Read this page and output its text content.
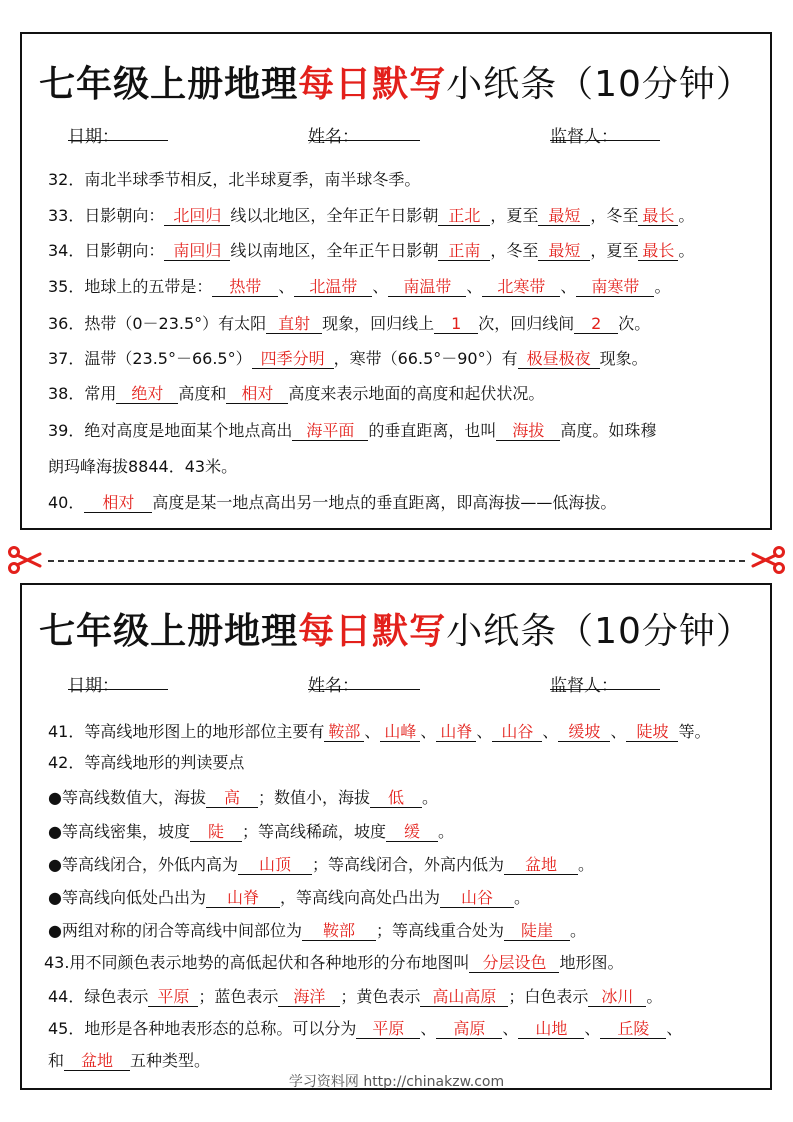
七年级上册地理每日默写小纸条（10分钟）
日期：	姓名：	监督人：
32．南北半球季节相反，北半球夏季，南半球冬季。
33．日影朝向： 北回归 线以北地区，全年正午日影朝 正北 ，夏至 最短 ，冬至 最长 。
34．日影朝向： 南回归 线以南地区，全年正午日影朝 正南 ，冬至 最短 ，夏至 最长 。
35．地球上的五带是： 热带 、 北温带 、 南温带 、 北寒带 、 南寒带 。
36．热带（0－23.5°）有太阳 直射 现象，回归线上 1 次，回归线间 2 次。
37．温带（23.5°－66.5°） 四季分明 ，寒带（66.5°－90°）有 极昼极夜 现象。
38．常用 绝对 高度和 相对 高度来表示地面的高度和起伏状况。
39．绝对高度是地面某个地点高出 海平面 的垂直距离，也叫 海拔 高度。如珠穆
朗玛峰海拔8844．43米。
40． 相对 高度是某一地点高出另一地点的垂直距离，即高海拔——低海拔。
七年级上册地理每日默写小纸条（10分钟）
日期：	姓名：	监督人：
41．等高线地形图上的地形部位主要有 鞍部 、 山峰 、 山脊 、 山谷 、 缓坡 、 陡坡 等。
42．等高线地形的判读要点
●等高线数值大，海拔 高 ；数值小，海拔 低 。
●等高线密集，坡度 陡 ；等高线稀疏，坡度 缓 。
●等高线闭合，外低内高为 山顶 ；等高线闭合，外高内低为 盆地 。
●等高线向低处凸出为 山脊 ，等高线向高处凸出为 山谷 。
●两组对称的闭合等高线中间部位为 鞍部 ；等高线重合处为 陡崖 。
43.用不同颜色表示地势的高低起伏和各种地形的分布地图叫 分层设色 地形图。
44．绿色表示 平原 ；蓝色表示 海洋 ；黄色表示 高山高原 ；白色表示 冰川 。
45．地形是各种地表形态的总称。可以分为 平原 、 高原 、 山地 、 丘陵 、
和 盆地 五种类型。
学习资料网 http://chinakzw.com
